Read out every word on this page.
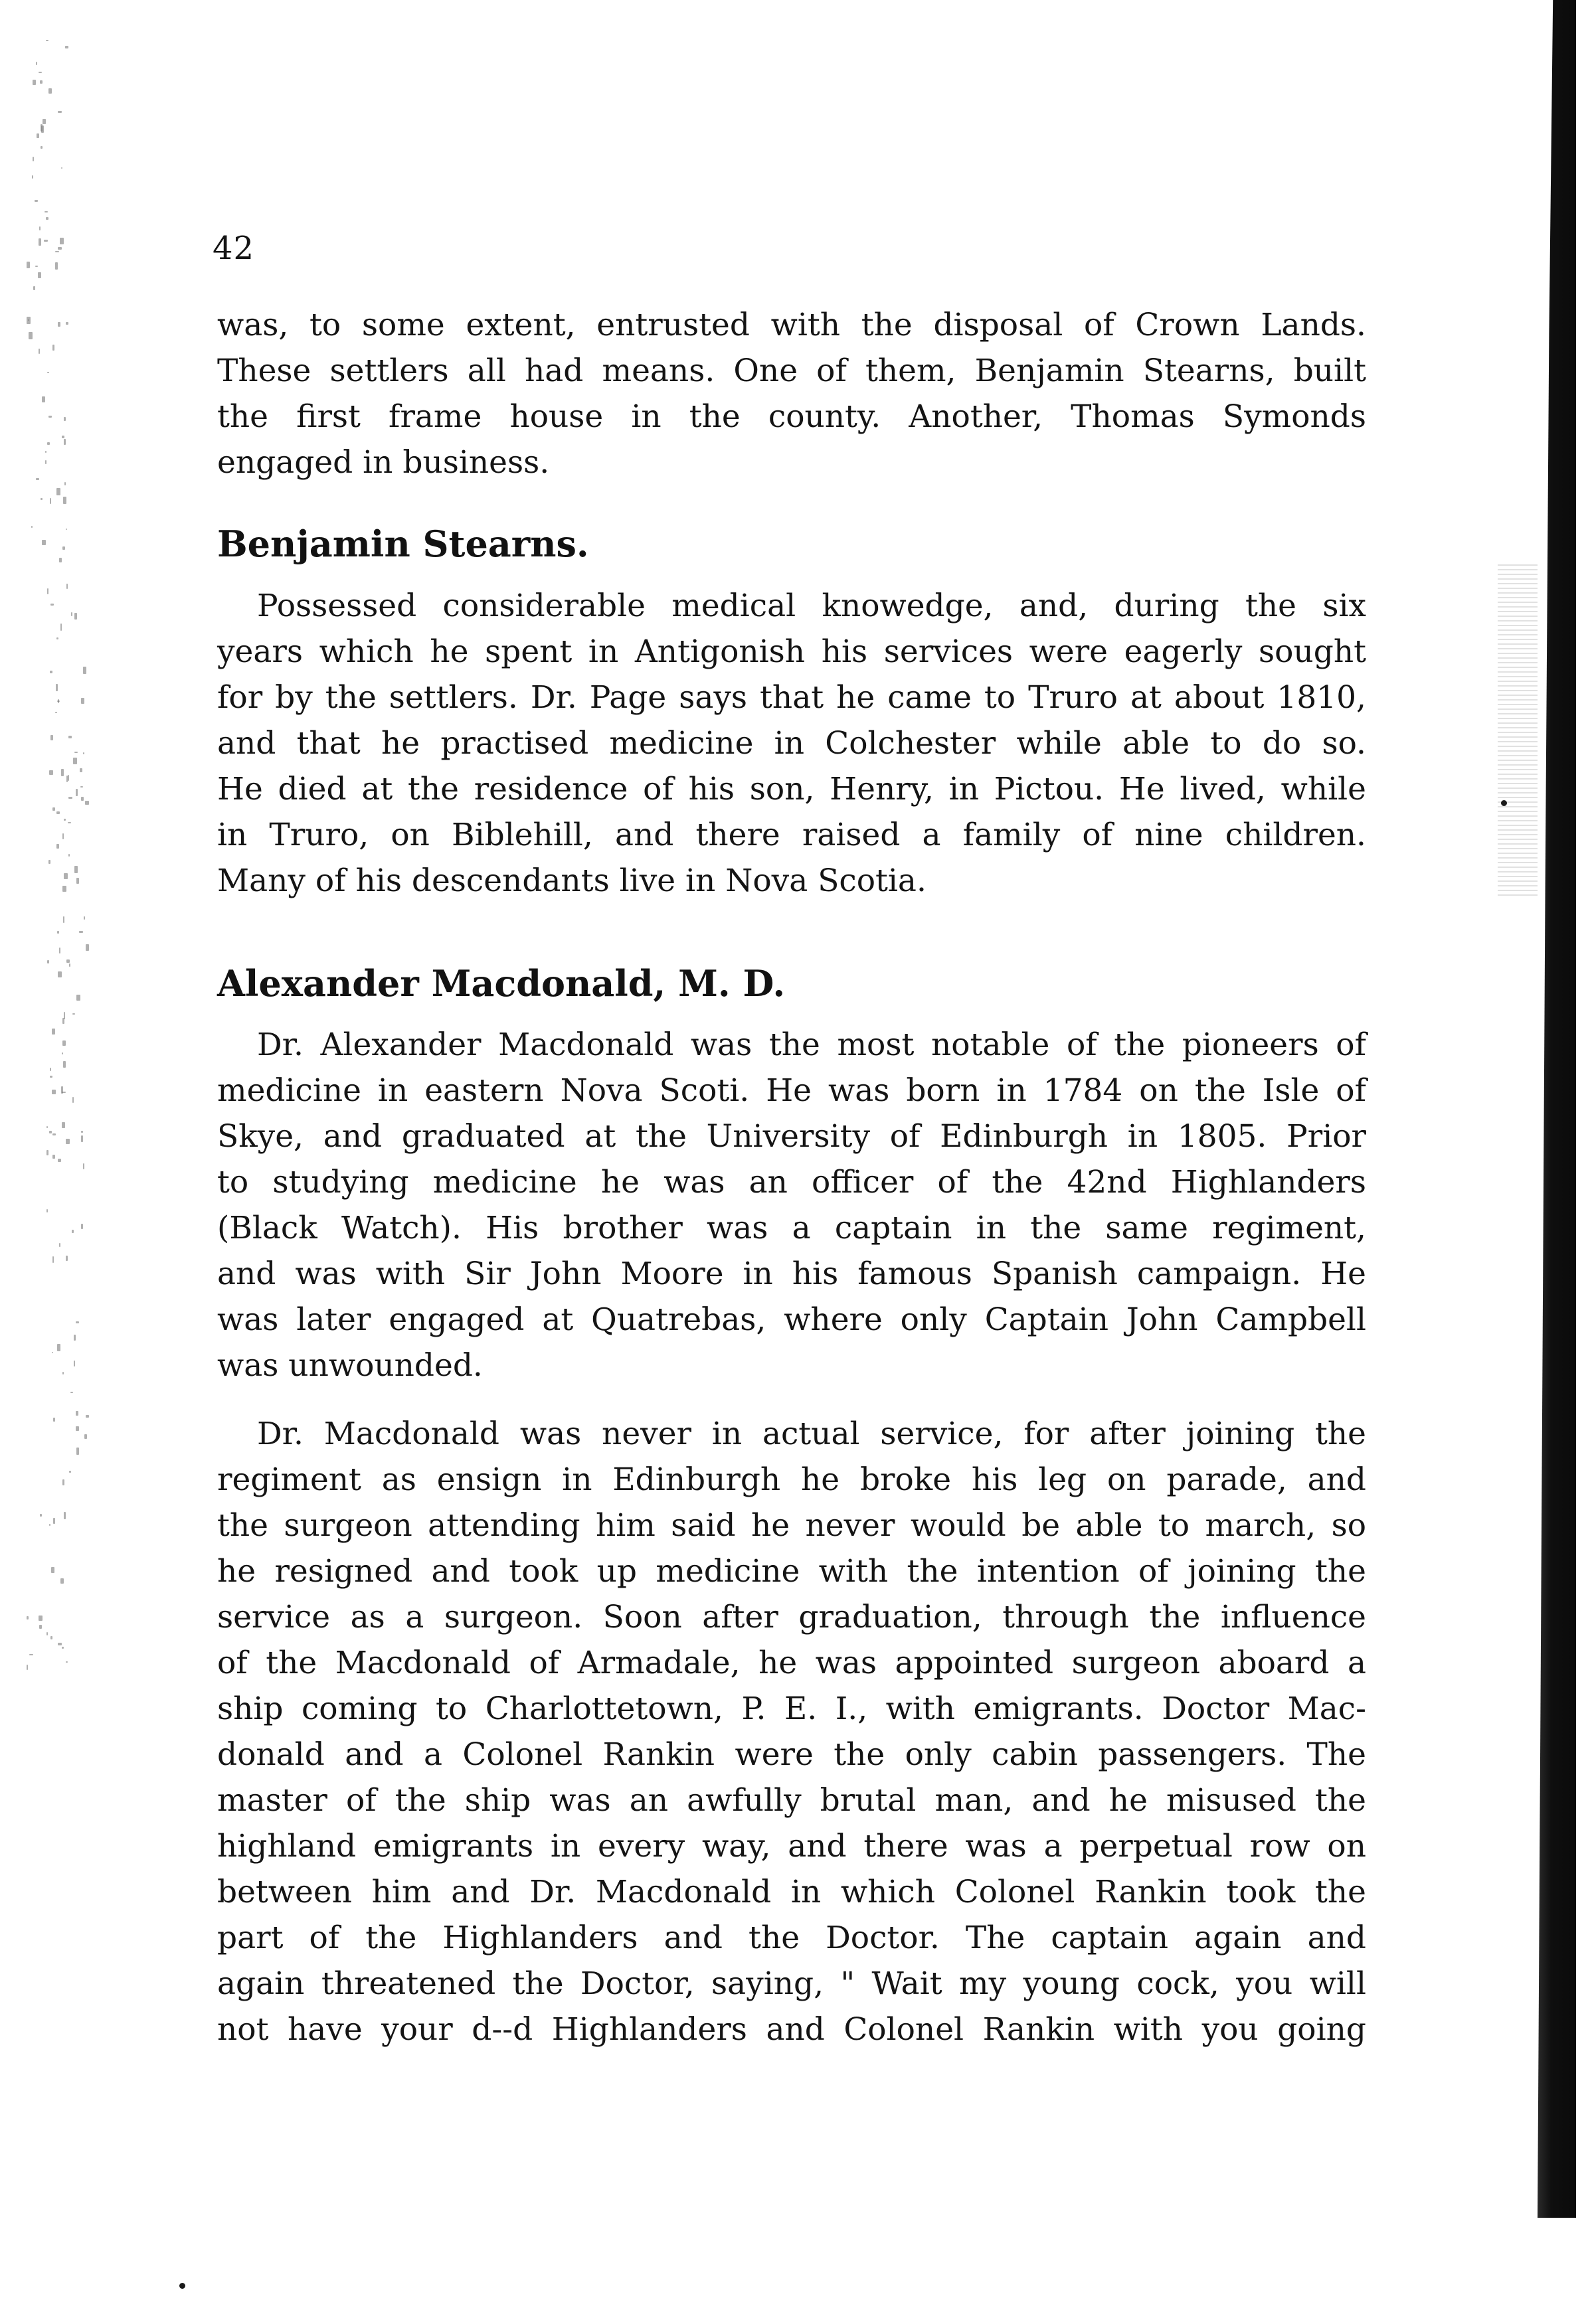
42

was, to some extent, entrusted with the disposal of Crown Lands.
These settlers all had means. One of them, Benjamin Stearns, built
the first frame house in the county. Another, Thomas Symonds
engaged in business.

Benjamin Stearns.

Possessed considerable medical knowedge, and, during the six
years which he spent in Antigonish his services were eagerly sought
for by the settlers. Dr. Page says that he came to Truro at about 1810,
and that he practised medicine in Colchester while able to do so.
He died at the residence of his son, Henry, in Pictou. He lived, while
in Truro, on Biblehill, and there raised a family of nine children.
Many of his descendants live in Nova Scotia.

Alexander Macdonald, M. D.

Dr. Alexander Macdonald was the most notable of the pioneers of
medicine in eastern Nova Scoti. He was born in 1784 on the Isle of
Skye, and graduated at the University of Edinburgh in 1805. Prior
to studying medicine he was an officer of the 42nd Highlanders
(Black Watch). His brother was a captain in the same regiment,
and was with Sir John Moore in his famous Spanish campaign. He
was later engaged at Quatrebas, where only Captain John Campbell
was unwounded.

Dr. Macdonald was never in actual service, for after joining the
regiment as ensign in Edinburgh he broke his leg on parade, and
the surgeon attending him said he never would be able to march, so
he resigned and took up medicine with the intention of joining the
service as a surgeon. Soon after graduation, through the influence
of the Macdonald of Armadale, he was appointed surgeon aboard a
ship coming to Charlottetown, P. E. I., with emigrants. Doctor Mac-
donald and a Colonel Rankin were the only cabin passengers. The
master of the ship was an awfully brutal man, and he misused the
highland emigrants in every way, and there was a perpetual row on
between him and Dr. Macdonald in which Colonel Rankin took the
part of the Highlanders and the Doctor. The captain again and
again threatened the Doctor, saying, " Wait my young cock, you will
not have your d--d Highlanders and Colonel Rankin with you going
